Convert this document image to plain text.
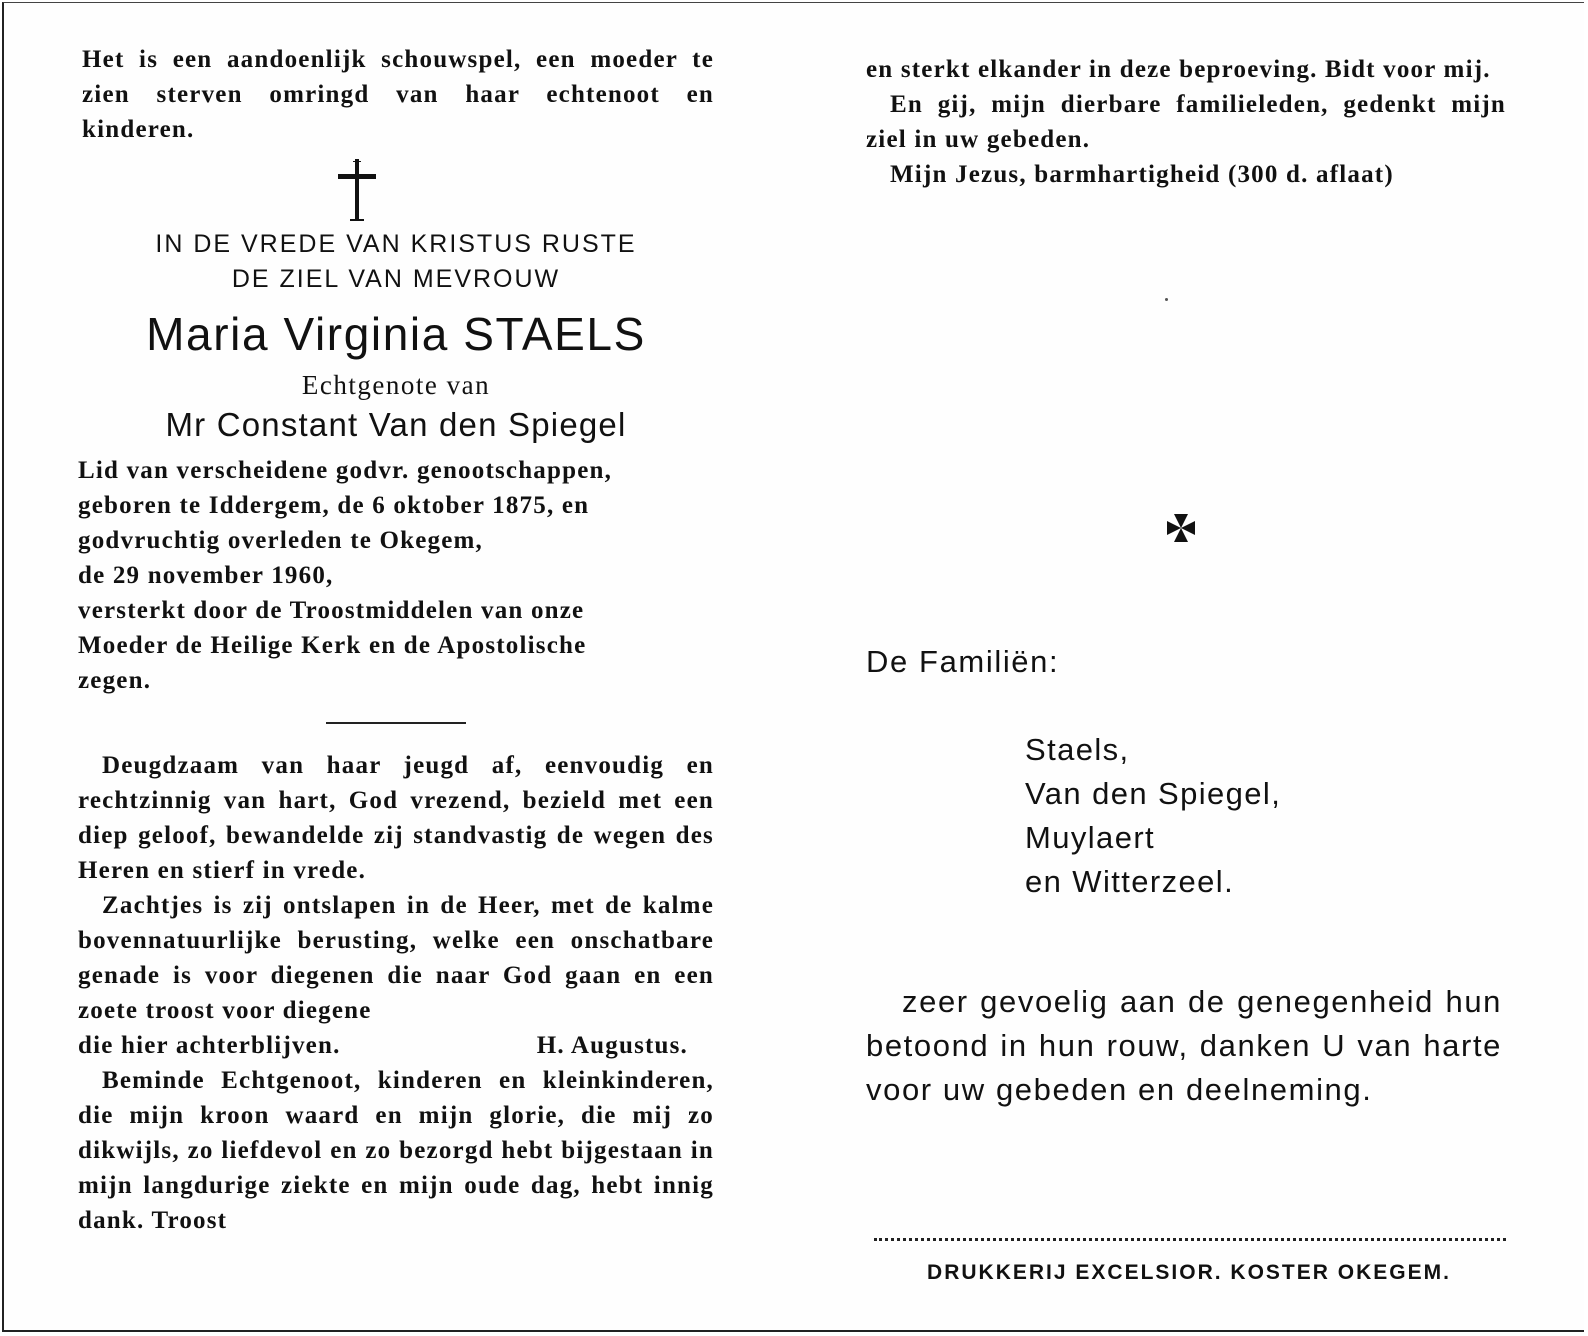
Het is een aandoenlijk schouwspel, een moeder te zien sterven omringd van haar echtenoot en kinderen.

IN DE VREDE VAN KRISTUS RUSTE

DE ZIEL VAN MEVROUW

Maria Virginia STAELS

Echtgenote van

Mr Constant Van den Spiegel

Lid van verscheidene godvr. genootschappen,

geboren te Iddergem, de 6 oktober 1875, en

godvruchtig overleden te Okegem,

de 29 november 1960,

versterkt door de Troostmiddelen van onze

Moeder de Heilige Kerk en de Apostolische

zegen.

Deugdzaam van haar jeugd af, eenvoudig en rechtzinnig van hart, God vrezend, bezield met een diep geloof, bewandelde zij standvastig de wegen des Heren en stierf in vrede.

Zachtjes is zij ontslapen in de Heer, met de kalme bovennatuurlijke berusting, welke een onschatbare genade is voor diegenen die naar God gaan en een zoete troost voor diegene

die hier achterblijven.	H. Augustus.

Beminde Echtgenoot, kinderen en kleinkinderen, die mijn kroon waard en mijn glorie, die mij zo dikwijls, zo liefdevol en zo bezorgd hebt bijgestaan in mijn langdurige ziekte en mijn oude dag, hebt innig dank. Troost

en sterkt elkander in deze beproeving. Bidt voor mij.

En gij, mijn dierbare familieleden, gedenkt mijn ziel in uw gebeden.

Mijn Jezus, barmhartigheid (300 d. aflaat)

De Familiën:

Staels,
Van den Spiegel,
Muylaert
en Witterzeel.

zeer gevoelig aan de genegenheid hun betoond in hun rouw, danken U van harte voor uw gebeden en deelneming.

DRUKKERIJ EXCELSIOR. KOSTER OKEGEM.
